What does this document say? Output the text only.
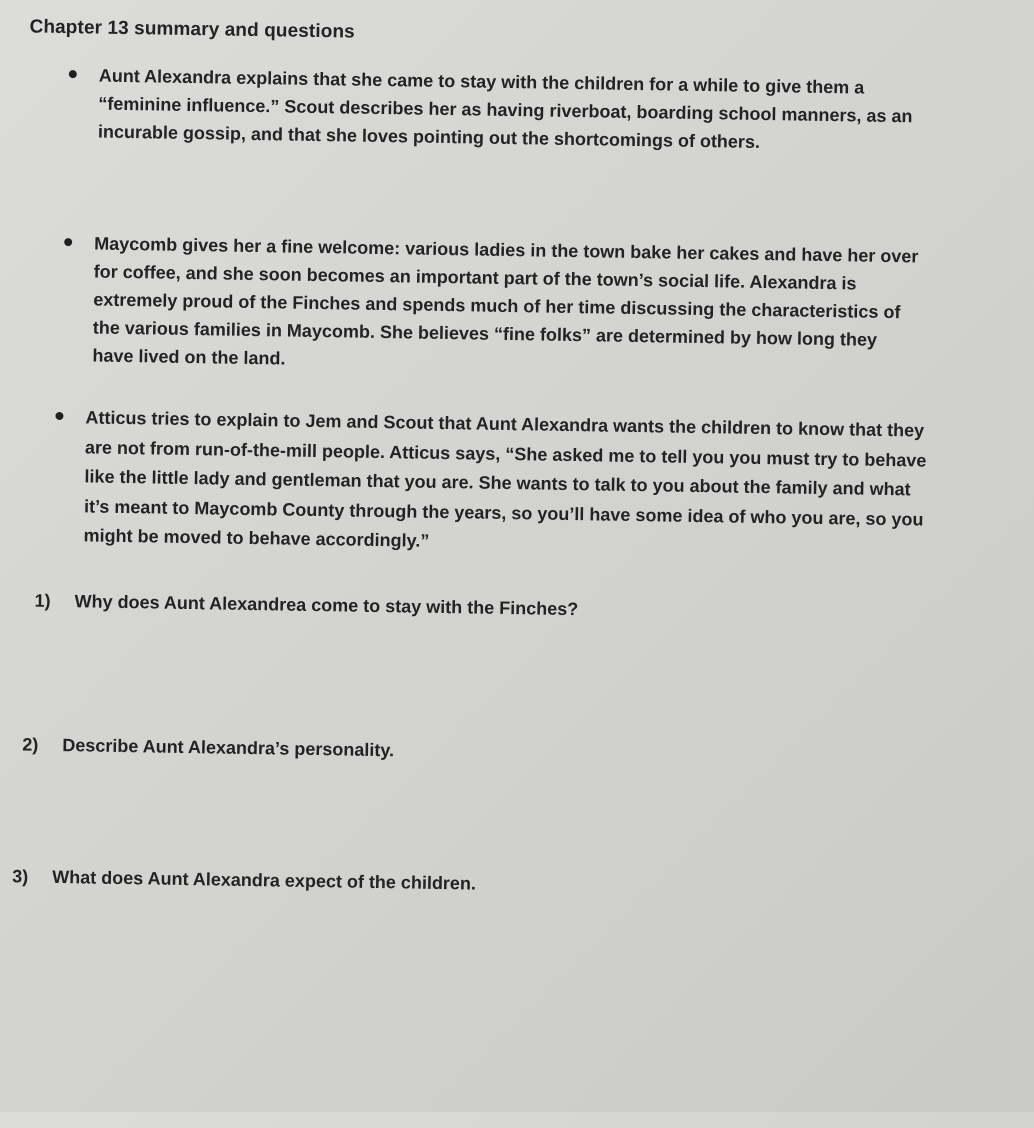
Chapter 13 summary and questions
Aunt Alexandra explains that she came to stay with the children for a while to give them a “feminine influence.” Scout describes her as having riverboat, boarding school manners, as an incurable gossip, and that she loves pointing out the shortcomings of others.
Maycomb gives her a fine welcome: various ladies in the town bake her cakes and have her over for coffee, and she soon becomes an important part of the town’s social life. Alexandra is extremely proud of the Finches and spends much of her time discussing the characteristics of the various families in Maycomb. She believes “fine folks” are determined by how long they have lived on the land.
Atticus tries to explain to Jem and Scout that Aunt Alexandra wants the children to know that they are not from run-of-the-mill people. Atticus says, “She asked me to tell you you must try to behave like the little lady and gentleman that you are. She wants to talk to you about the family and what it’s meant to Maycomb County through the years, so you’ll have some idea of who you are, so you might be moved to behave accordingly.”

1) Why does Aunt Alexandrea come to stay with the Finches?

2) Describe Aunt Alexandra’s personality.

3) What does Aunt Alexandra expect of the children.
